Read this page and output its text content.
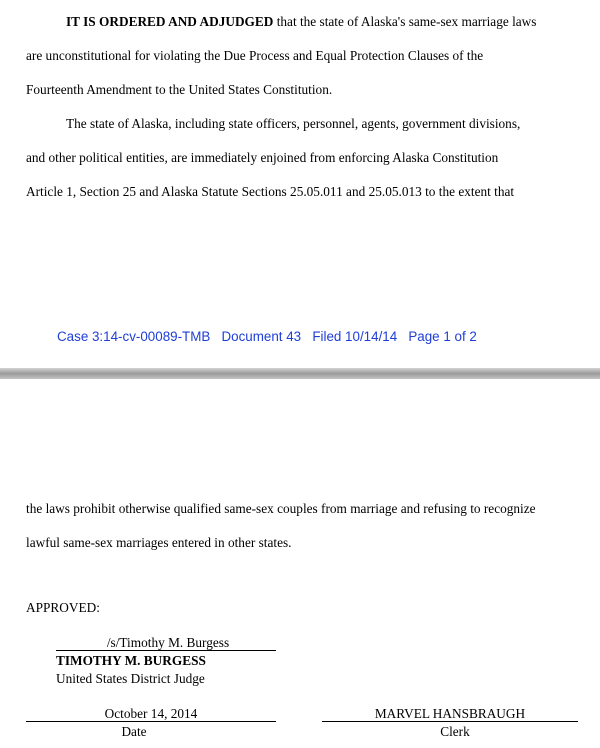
IT IS ORDERED AND ADJUDGED that the state of Alaska's same-sex marriage laws
are unconstitutional for violating the Due Process and Equal Protection Clauses of the
Fourteenth Amendment to the United States Constitution.
The state of Alaska, including state officers, personnel, agents, government divisions,
and other political entities, are immediately enjoined from enforcing Alaska Constitution
Article 1, Section 25 and Alaska Statute Sections 25.05.011 and 25.05.013 to the extent that
Case 3:14-cv-00089-TMB Document 43 Filed 10/14/14 Page 1 of 2
the laws prohibit otherwise qualified same-sex couples from marriage and refusing to recognize
lawful same-sex marriages entered in other states.
APPROVED:
/s/Timothy M. Burgess
TIMOTHY M. BURGESS
United States District Judge
October 14, 2014
Date
MARVEL HANSBRAUGH
Clerk
